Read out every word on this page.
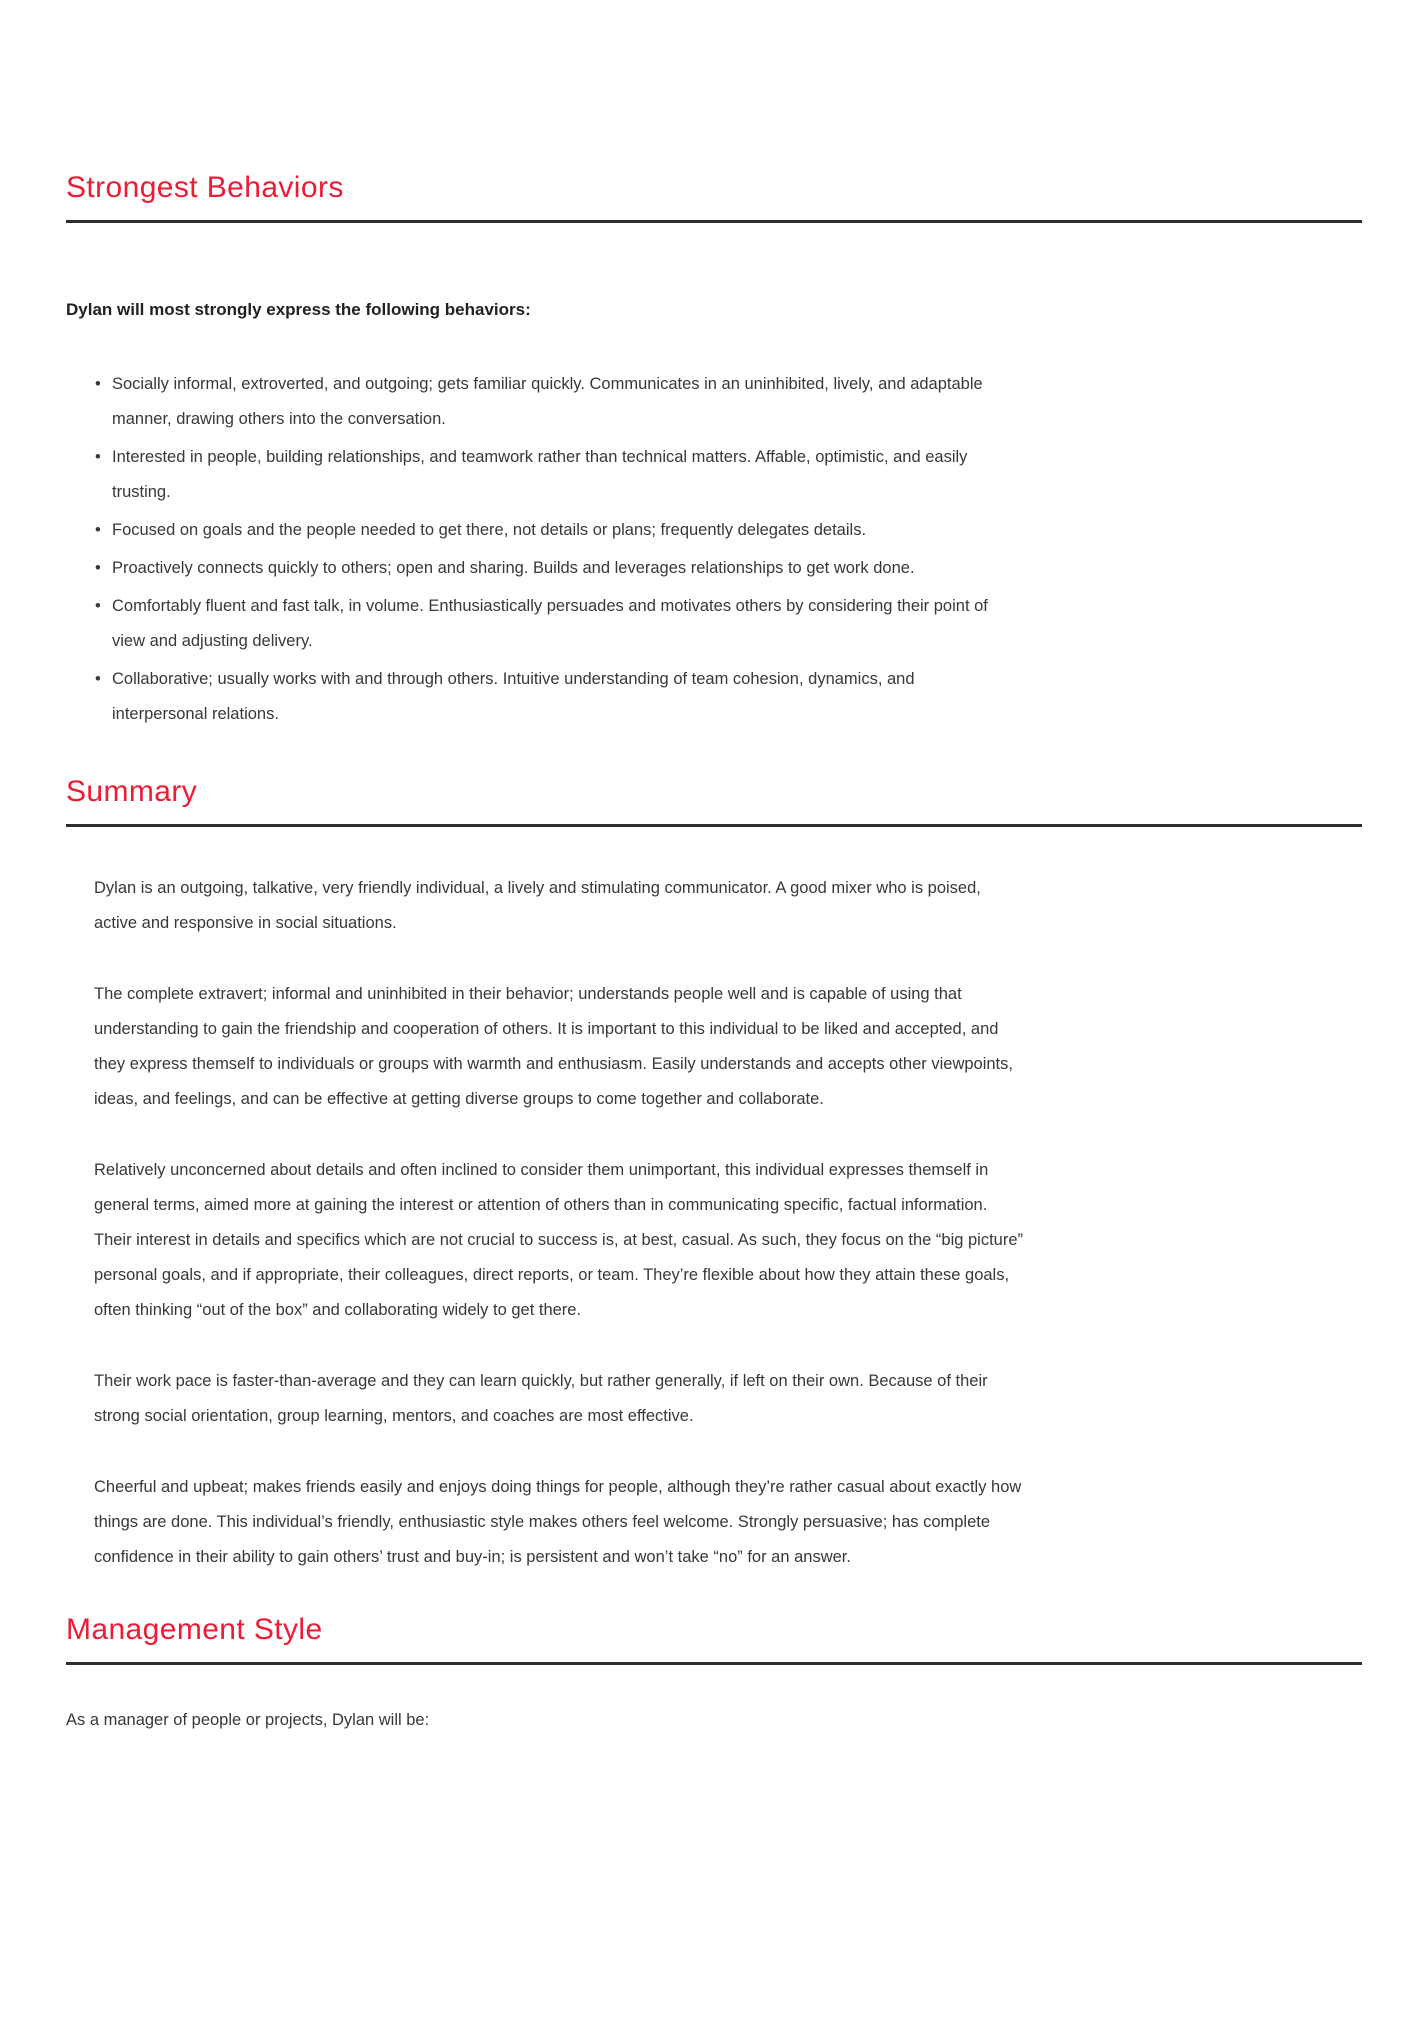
Strongest Behaviors
Dylan will most strongly express the following behaviors:
• Socially informal, extroverted, and outgoing; gets familiar quickly. Communicates in an uninhibited, lively, and adaptable manner, drawing others into the conversation.
• Interested in people, building relationships, and teamwork rather than technical matters. Affable, optimistic, and easily trusting.
• Focused on goals and the people needed to get there, not details or plans; frequently delegates details.
• Proactively connects quickly to others; open and sharing. Builds and leverages relationships to get work done.
• Comfortably fluent and fast talk, in volume. Enthusiastically persuades and motivates others by considering their point of view and adjusting delivery.
• Collaborative; usually works with and through others. Intuitive understanding of team cohesion, dynamics, and interpersonal relations.
Summary

Dylan is an outgoing, talkative, very friendly individual, a lively and stimulating communicator. A good mixer who is poised, active and responsive in social situations.

The complete extravert; informal and uninhibited in their behavior; understands people well and is capable of using that understanding to gain the friendship and cooperation of others. It is important to this individual to be liked and accepted, and they express themself to individuals or groups with warmth and enthusiasm. Easily understands and accepts other viewpoints, ideas, and feelings, and can be effective at getting diverse groups to come together and collaborate.

Relatively unconcerned about details and often inclined to consider them unimportant, this individual expresses themself in general terms, aimed more at gaining the interest or attention of others than in communicating specific, factual information. Their interest in details and specifics which are not crucial to success is, at best, casual. As such, they focus on the “big picture” personal goals, and if appropriate, their colleagues, direct reports, or team. They’re flexible about how they attain these goals, often thinking “out of the box” and collaborating widely to get there.

Their work pace is faster-than-average and they can learn quickly, but rather generally, if left on their own. Because of their strong social orientation, group learning, mentors, and coaches are most effective.

Cheerful and upbeat; makes friends easily and enjoys doing things for people, although they’re rather casual about exactly how things are done. This individual’s friendly, enthusiastic style makes others feel welcome. Strongly persuasive; has complete confidence in their ability to gain others’ trust and buy-in; is persistent and won’t take “no” for an answer.

Management Style
As a manager of people or projects, Dylan will be:
